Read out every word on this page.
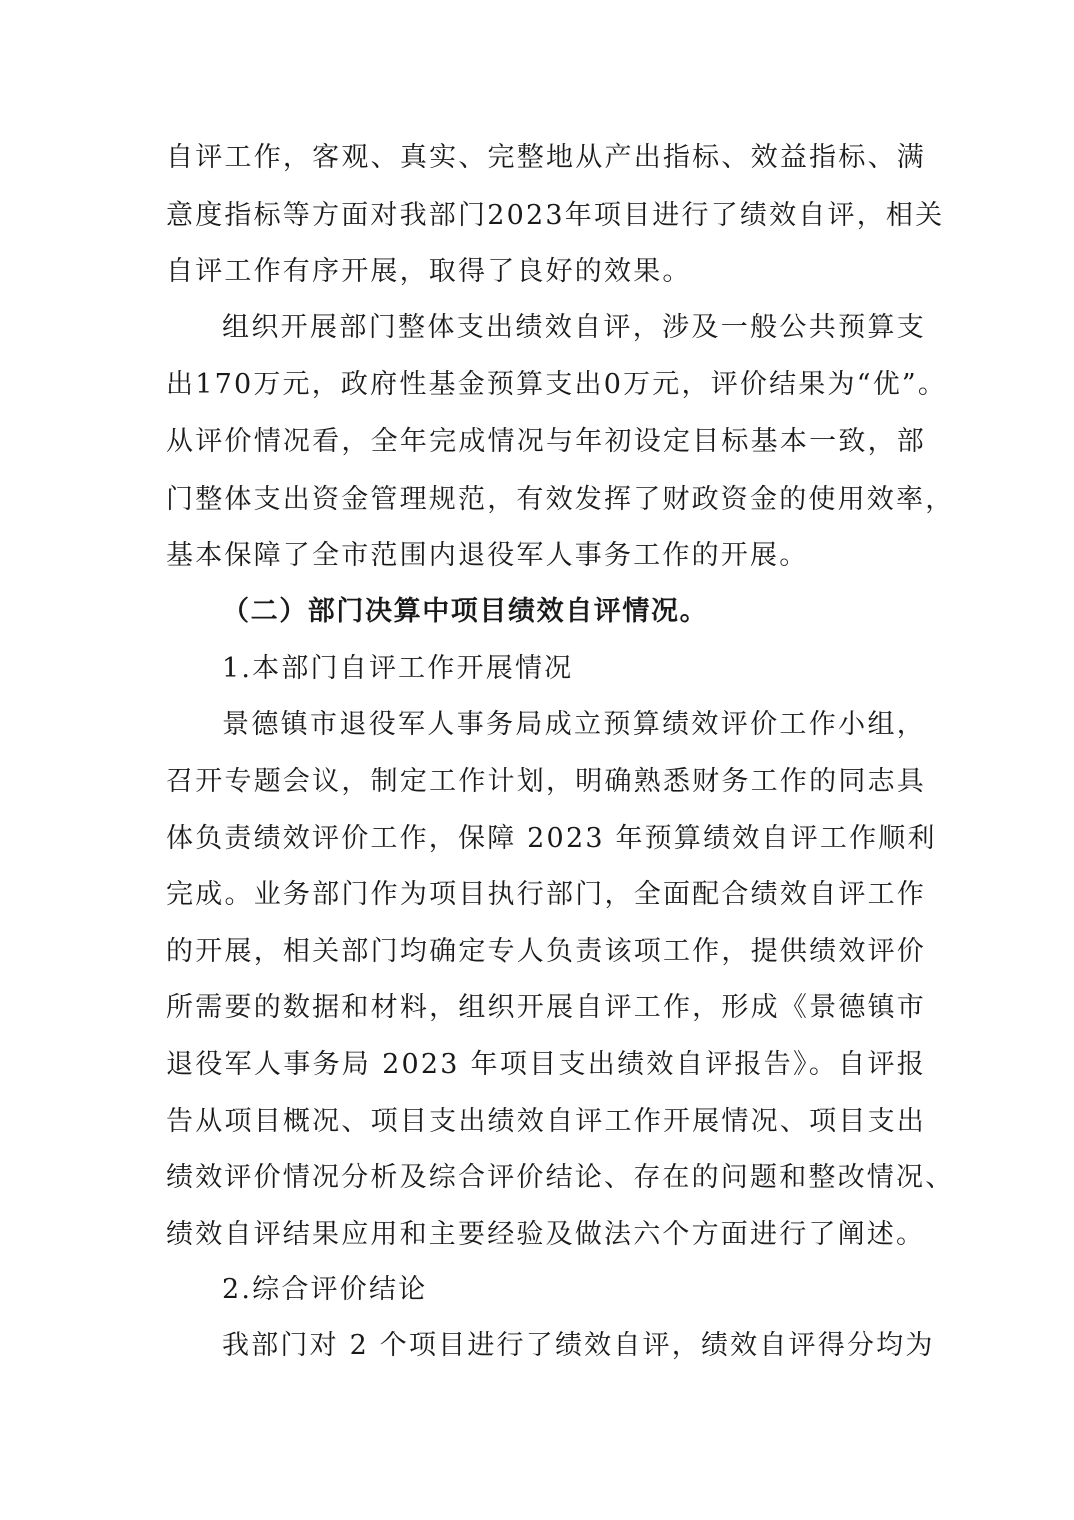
自评工作，客观、真实、完整地从产出指标、效益指标、满
意度指标等方面对我部门2023年项目进行了绩效自评，相关
自评工作有序开展，取得了良好的效果。
组织开展部门整体支出绩效自评，涉及一般公共预算支
出170万元，政府性基金预算支出0万元，评价结果为“优”。
从评价情况看，全年完成情况与年初设定目标基本一致，部
门整体支出资金管理规范，有效发挥了财政资金的使用效率，
基本保障了全市范围内退役军人事务工作的开展。
（二）部门决算中项目绩效自评情况。
1.本部门自评工作开展情况
景德镇市退役军人事务局成立预算绩效评价工作小组，
召开专题会议，制定工作计划，明确熟悉财务工作的同志具
体负责绩效评价工作，保障 2023 年预算绩效自评工作顺利
完成。业务部门作为项目执行部门，全面配合绩效自评工作
的开展，相关部门均确定专人负责该项工作，提供绩效评价
所需要的数据和材料，组织开展自评工作，形成《景德镇市
退役军人事务局 2023 年项目支出绩效自评报告》。自评报
告从项目概况、项目支出绩效自评工作开展情况、项目支出
绩效评价情况分析及综合评价结论、存在的问题和整改情况、
绩效自评结果应用和主要经验及做法六个方面进行了阐述。
2.综合评价结论
我部门对 2 个项目进行了绩效自评，绩效自评得分均为
